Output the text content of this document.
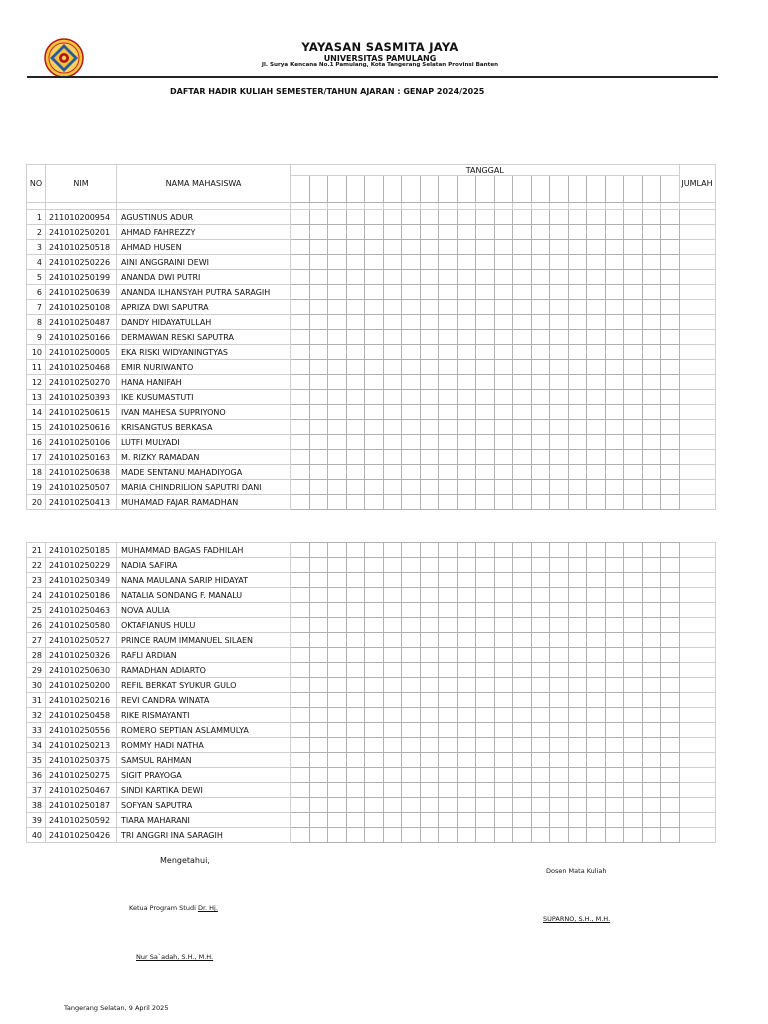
YAYASAN SASMITA JAYA
UNIVERSITAS PAMULANG
Jl. Surya Kencana No.1 Pamulang, Kota Tangerang Selatan Provinsi Banten
DAFTAR HADIR KULIAH SEMESTER/TAHUN AJARAN : GENAP 2024/2025
NO	NIM	NAMA MAHASISWA	TANGGAL																					JUMLAH

1	211010200954	AGUSTINUS ADUR																						
2	241010250201	AHMAD FAHREZZY																						
3	241010250518	AHMAD HUSEN																						
4	241010250226	AINI ANGGRAINI DEWI																						
5	241010250199	ANANDA DWI PUTRI																						
6	241010250639	ANANDA ILHANSYAH PUTRA SARAGIH																						
7	241010250108	APRIZA DWI SAPUTRA																						
8	241010250487	DANDY HIDAYATULLAH																						
9	241010250166	DERMAWAN RESKI SAPUTRA																						
10	241010250005	EKA RISKI WIDYANINGTYAS																						
11	241010250468	EMIR NURIWANTO																						
12	241010250270	HANA HANIFAH																						
13	241010250393	IKE KUSUMASTUTI																						
14	241010250615	IVAN MAHESA SUPRIYONO																						
15	241010250616	KRISANGTUS BERKASA																						
16	241010250106	LUTFI MULYADI																						
17	241010250163	M. RIZKY RAMADAN																						
18	241010250638	MADE SENTANU MAHADIYOGA																						
19	241010250507	MARIA CHINDRILION SAPUTRI DANI																						
20	241010250413	MUHAMAD FAJAR RAMADHAN																						
21	241010250185	MUHAMMAD BAGAS FADHILAH																						
22	241010250229	NADIA SAFIRA																						
23	241010250349	NANA MAULANA SARIP HIDAYAT																						
24	241010250186	NATALIA SONDANG F. MANALU																						
25	241010250463	NOVA AULIA																						
26	241010250580	OKTAFIANUS HULU																						
27	241010250527	PRINCE RAUM IMMANUEL SILAEN																						
28	241010250326	RAFLI ARDIAN																						
29	241010250630	RAMADHAN ADIARTO																						
30	241010250200	REFIL BERKAT SYUKUR GULO																						
31	241010250216	REVI CANDRA WINATA																						
32	241010250458	RIKE RISMAYANTI																						
33	241010250556	ROMERO SEPTIAN ASLAMMULYA																						
34	241010250213	ROMMY HADI NATHA																						
35	241010250375	SAMSUL RAHMAN																						
36	241010250275	SIGIT PRAYOGA																						
37	241010250467	SINDI KARTIKA DEWI																						
38	241010250187	SOFYAN SAPUTRA																						
39	241010250592	TIARA MAHARANI																						
40	241010250426	TRI ANGGRI INA SARAGIH																						
Mengetahui,
Dosen Mata Kuliah
Ketua Program Studi Dr. Hj.
SUPARNO, S.H., M.H.
Nur Sa`adah, S.H., M.H.
Tangerang Selatan, 9 April 2025
